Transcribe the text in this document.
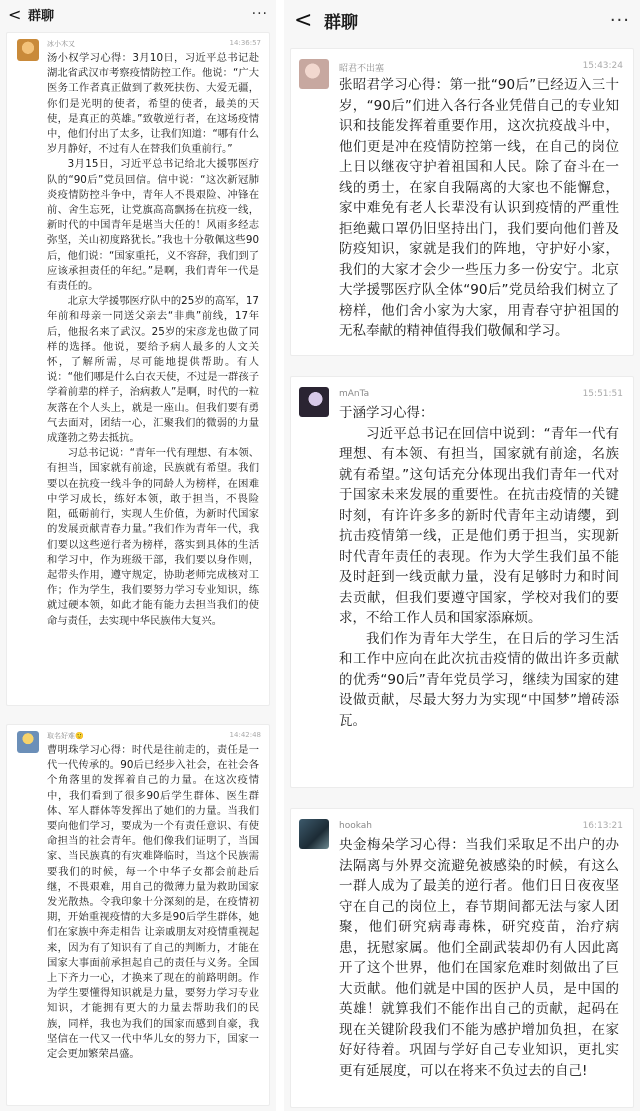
< 群聊	···
冰小木又	14:36:57

汤小权学习心得：3月10日，习近平总书记赴湖北省武汉市考察疫情防控工作。他说：“广大医务工作者真正做到了救死扶伤、大爱无疆，你们是光明的使者，希望的使者，最美的天使，是真正的英雄。”致敬逆行者，在这场疫情中，他们付出了太多，让我们知道：“哪有什么岁月静好，不过有人在替我们负重前行。”

3月15日，习近平总书记给北大援鄂医疗队的“90后”党员回信。信中说：“这次新冠肺炎疫情防控斗争中，青年人不畏艰险、冲锋在前、舍生忘死，让党旗高高飘扬在抗疫一线，新时代的中国青年是堪当大任的！风雨多经志弥坚，关山初度路犹长。”我也十分敬佩这些90后，他们说：“国家重托，义不容辞，我们到了应该承担责任的年纪。”是啊，我们青年一代是有责任的。

北京大学援鄂医疗队中的25岁的高军，17年前和母亲一同送父亲去“非典”前线，17年后，他报名来了武汉。25岁的宋彦龙也做了同样的选择。他说，要给予病人最多的人文关怀，了解所需，尽可能地提供帮助。有人说：“他们哪是什么白衣天使，不过是一群孩子学着前辈的样子，治病救人”是啊，时代的一粒灰落在个人头上，就是一座山。但我们要有勇气去面对，团结一心，汇聚我们的微弱的力量成蓬勃之势去抵抗。

习总书记说：“青年一代有理想、有本领、有担当，国家就有前途，民族就有希望。我们要以在抗疫一线斗争的同龄人为榜样，在困难中学习成长，练好本领，敢于担当，不畏险阻，砥砺前行，实现人生价值，为新时代国家的发展贡献青春力量。”我们作为青年一代，我们要以这些逆行者为榜样，落实到具体的生活和学习中，作为班级干部，我们要以身作则，起带头作用，遵守规定，协助老师完成核对工作；作为学生，我们要努力学习专业知识，练就过硬本领，如此才能有能力去担当我们的使命与责任，去实现中华民族伟大复兴。

取名好难🙂	14:42:48

曹明珠学习心得：时代是往前走的，责任是一代一代传承的。90后已经步入社会，在社会各个角落里的发挥着自己的力量。在这次疫情中，我们看到了很多90后学生群体、医生群体、军人群体等发挥出了她们的力量。当我们要向他们学习，要成为一个有责任意识、有使命担当的社会青年。他们像我们证明了，当国家、当民族真的有灾难降临时，当这个民族需要我们的时候，每一个中华子女都会前赴后继，不畏艰难，用自己的微薄力量为救助国家发光散热。令我印象十分深刻的是，在疫情初期，开始重视疫情的大多是90后学生群体，她们在家族中奔走相告 让亲戚朋友对疫情重视起来，因为有了知识有了自己的判断力，才能在国家大事面前承担起自己的责任与义务。全国上下齐力一心，才换来了现在的前路明朗。作为学生要懂得知识就是力量，要努力学习专业知识，才能拥有更大的力量去帮助我们的民族，同样，我也为我们的国家而感到自豪，我坚信在一代又一代中华儿女的努力下，国家一定会更加繁荣昌盛。

< 群聊	···
昭君不出塞	15:43:24

张昭君学习心得：第一批“90后”已经迈入三十岁，“90后”们进入各行各业凭借自己的专业知识和技能发挥着重要作用，这次抗疫战斗中，他们更是冲在疫情防控第一线，在自己的岗位上日以继夜守护着祖国和人民。除了奋斗在一线的勇士，在家自我隔离的大家也不能懈怠，家中难免有老人长辈没有认识到疫情的严重性拒绝戴口罩仍旧坚持出门，我们要向他们普及防疫知识，家就是我们的阵地，守护好小家，我们的大家才会少一些压力多一份安宁。北京大学援鄂医疗队全体“90后”党员给我们树立了榜样，他们舍小家为大家，用青春守护祖国的无私奉献的精神值得我们敬佩和学习。

mAnTa	15:51:51

于涵学习心得：

习近平总书记在回信中说到：“青年一代有理想、有本领、有担当，国家就有前途，名族就有希望。”这句话充分体现出我们青年一代对于国家未来发展的重要性。在抗击疫情的关键时刻，有许许多多的新时代青年主动请缨，到抗击疫情第一线，正是他们勇于担当，实现新时代青年责任的表现。作为大学生我们虽不能及时赶到一线贡献力量，没有足够时力和时间去贡献，但我们要遵守国家，学校对我们的要求，不给工作人员和国家添麻烦。

我们作为青年大学生，在日后的学习生活和工作中应向在此次抗击疫情的做出许多贡献的优秀“90后”青年党员学习，继续为国家的建设做贡献，尽最大努力为实现“中国梦”增砖添瓦。

hookah	16:13:21

央金梅朵学习心得：当我们采取足不出户的办法隔离与外界交流避免被感染的时候，有这么一群人成为了最美的逆行者。他们日日夜夜坚守在自己的岗位上，春节期间都无法与家人团聚，他们研究病毒毒株，研究疫苗，治疗病患，抚慰家属。他们全副武装却仍有人因此离开了这个世界，他们在国家危难时刻做出了巨大贡献。他们就是中国的医护人员，是中国的英雄！就算我们不能作出自己的贡献，起码在现在关键阶段我们不能为感护增加负担，在家好好待着。巩固与学好自己专业知识，更扎实更有延展度，可以在将来不负过去的自己!
